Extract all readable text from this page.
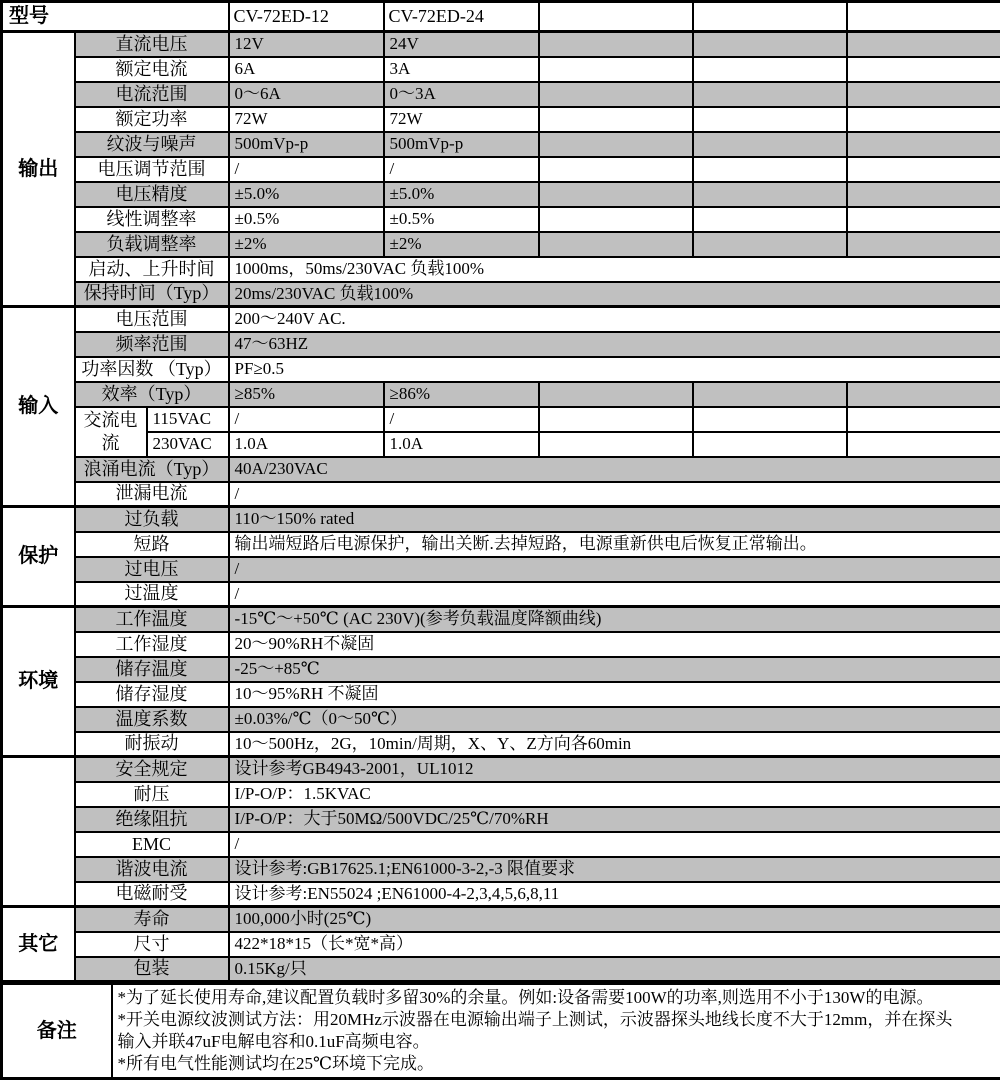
型号			CV-72ED-12	CV-72ED-24			
输出	直流电压		12V	24V			
	额定电流		6A	3A			
	电流范围		0～6A	0～3A			
	额定功率		72W	72W			
	纹波与噪声		500mVp-p	500mVp-p			
	电压调节范围		/	/			
	电压精度		±5.0%	±5.0%			
	线性调整率		±0.5%	±0.5%			
	负载调整率		±2%	±2%			
	启动、上升时间		1000ms，50ms/230VAC 负载100%				
	保持时间（Typ）		20ms/230VAC 负载100%				
输入	电压范围		200～240V AC.				
	频率范围		47～63HZ				
	功率因数 （Typ）		PF≥0.5				
	效率（Typ）		≥85%	≥86%			
	交流电流	115VAC	/	/			
		230VAC	1.0A	1.0A			
	浪涌电流（Typ）		40A/230VAC				
	泄漏电流		/				
保护	过负载		110～150% rated				
	短路		输出端短路后电源保护，输出关断.去掉短路，电源重新供电后恢复正常输出。				
	过电压		/				
	过温度		/				
环境	工作温度		-15℃～+50℃ (AC 230V)(参考负载温度降额曲线)				
	工作湿度		20～90%RH不凝固				
	储存温度		-25～+85℃				
	储存湿度		10～95%RH 不凝固				
	温度系数		±0.03%/℃（0～50℃）				
	耐振动		10～500Hz，2G，10min/周期，X、Y、Z方向各60min				
	安全规定		设计参考GB4943-2001，UL1012				
	耐压		I/P-O/P：1.5KVAC				
	绝缘阻抗		I/P-O/P：大于50MΩ/500VDC/25℃/70%RH				
	EMC		/				
	谐波电流		设计参考:GB17625.1;EN61000-3-2,-3 限值要求				
	电磁耐受		设计参考:EN55024 ;EN61000-4-2,3,4,5,6,8,11				
其它	寿命		100,000小时(25℃)				
	尺寸		422*18*15（长*宽*高）				
	包装		0.15Kg/只				
备注	
*为了延长使用寿命,建议配置负载时多留30%的余量。例如:设备需要100W的功率,则选用不小于130W的电源。
*开关电源纹波测试方法：用20MHz示波器在电源输出端子上测试，示波器探头地线长度不大于12mm，并在探头
输入并联47uF电解电容和0.1uF高频电容。
*所有电气性能测试均在25℃环境下完成。
